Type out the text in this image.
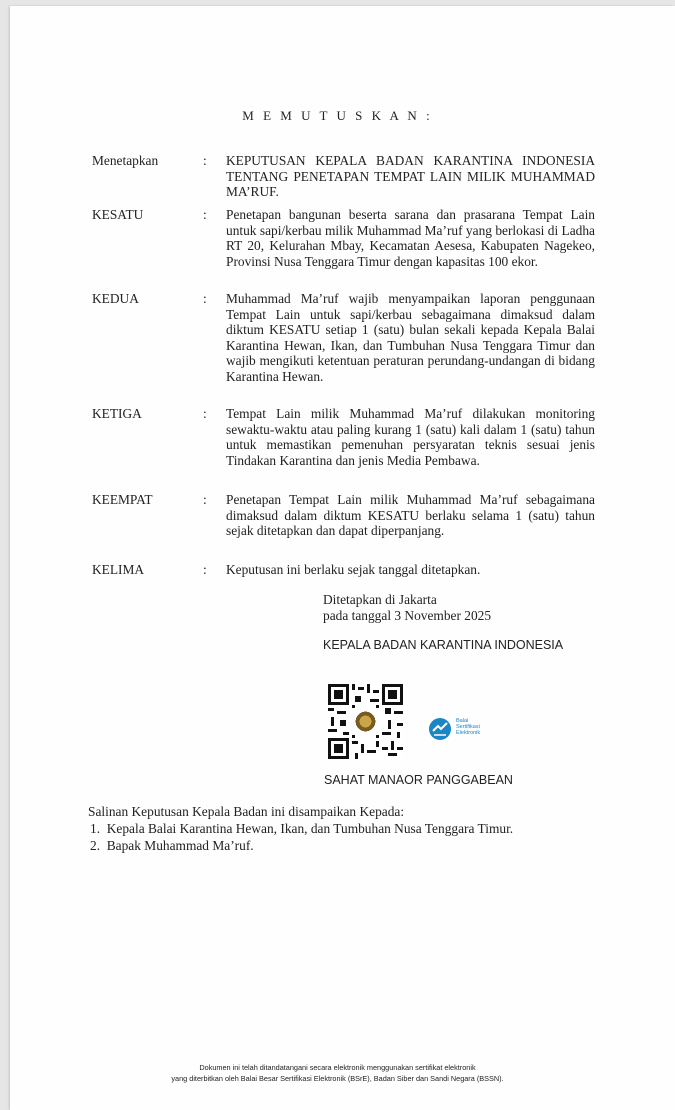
M E M U T U S K A N :
Menetapkan	: KEPUTUSAN KEPALA BADAN KARANTINA INDONESIA TENTANG PENETAPAN TEMPAT LAIN MILIK MUHAMMAD MA’RUF.
KESATU	: Penetapan bangunan beserta sarana dan prasarana Tempat Lain untuk sapi/kerbau milik Muhammad Ma’ruf yang berlokasi di Ladha RT 20, Kelurahan Mbay, Kecamatan Aesesa, Kabupaten Nagekeo, Provinsi Nusa Tenggara Timur dengan kapasitas 100 ekor.
KEDUA	: Muhammad Ma’ruf wajib menyampaikan laporan penggunaan Tempat Lain untuk sapi/kerbau sebagaimana dimaksud dalam diktum KESATU setiap 1 (satu) bulan sekali kepada Kepala Balai Karantina Hewan, Ikan, dan Tumbuhan Nusa Tenggara Timur dan wajib mengikuti ketentuan peraturan perundang-undangan di bidang Karantina Hewan.
KETIGA	: Tempat Lain milik Muhammad Ma’ruf dilakukan monitoring sewaktu-waktu atau paling kurang 1 (satu) kali dalam 1 (satu) tahun untuk memastikan pemenuhan persyaratan teknis sesuai jenis Tindakan Karantina dan jenis Media Pembawa.
KEEMPAT	: Penetapan Tempat Lain milik Muhammad Ma’ruf sebagaimana dimaksud dalam diktum KESATU berlaku selama 1 (satu) tahun sejak ditetapkan dan dapat diperpanjang.
KELIMA	: Keputusan ini berlaku sejak tanggal ditetapkan.
Ditetapkan di Jakarta
pada tanggal 3 November 2025
KEPALA BADAN KARANTINA INDONESIA
Balai
Sertifikasi
Elektronik
SAHAT MANAOR PANGGABEAN
Salinan Keputusan Kepala Badan ini disampaikan Kepada:
1.  Kepala Balai Karantina Hewan, Ikan, dan Tumbuhan Nusa Tenggara Timur.
2.  Bapak Muhammad Ma’ruf.
Dokumen ini telah ditandatangani secara elektronik menggunakan sertifikat elektronik
yang diterbitkan oleh Balai Besar Sertifikasi Elektronik (BSrE), Badan Siber dan Sandi Negara (BSSN).
